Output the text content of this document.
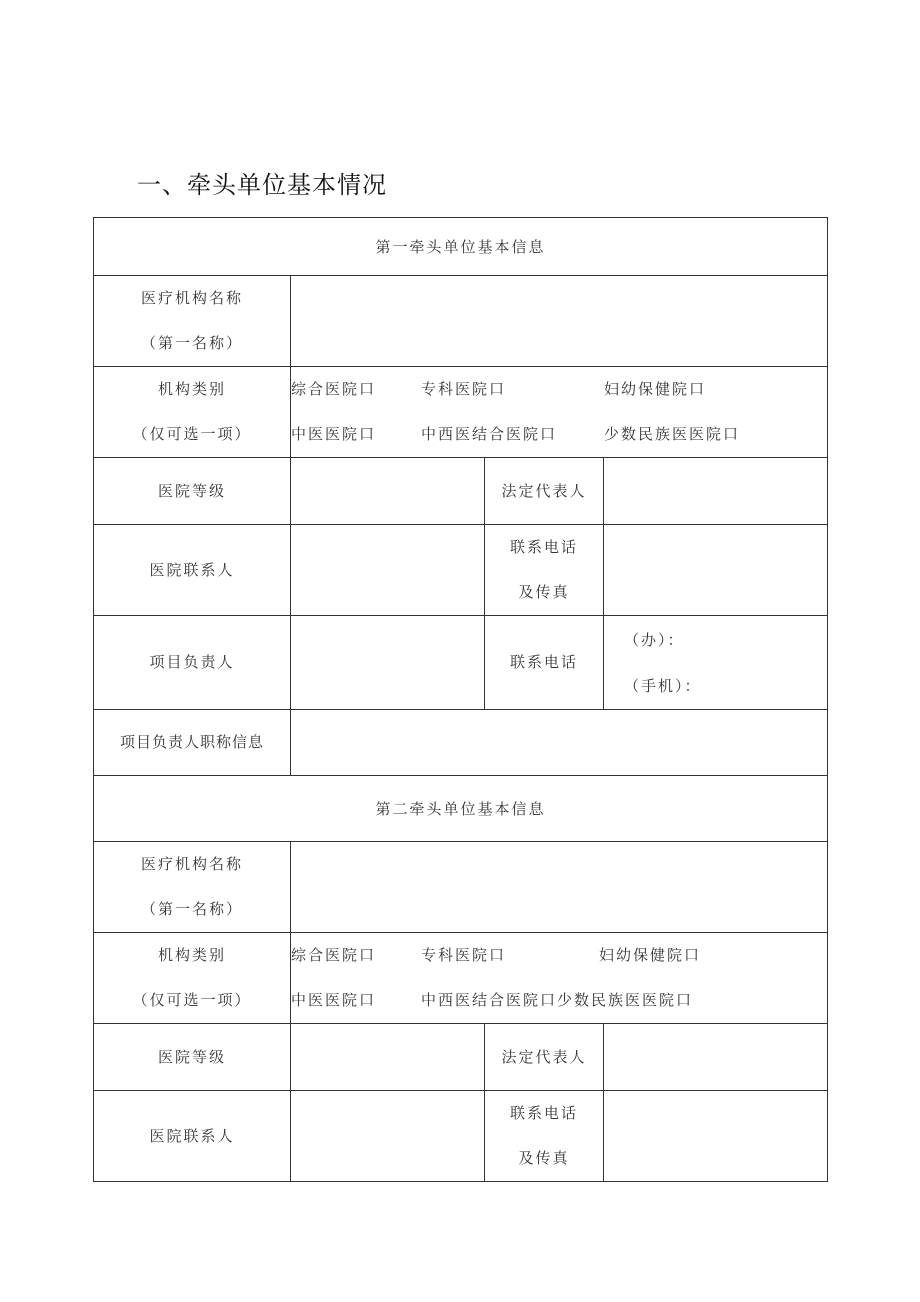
一、牵头单位基本情况
第一牵头单位基本信息			

医疗机构名称
（第一名称）			

机构类别
（仅可选一项）	综合医院口 专科医院口 妇幼保健院口
中医医院口 中西医结合医院口 少数民族医医院口		

医院等级		法定代表人	
医院联系人		联系电话
及传真	

项目负责人		联系电话	（办）：
（手机）：

项目负责人职称信息			
第二牵头单位基本信息			

医疗机构名称
（第一名称）			

机构类别
（仅可选一项）	综合医院口 专科医院口 妇幼保健院口
中医医院口 中西医结合医院口少数民族医医院口		

医院等级		法定代表人	
医院联系人		联系电话
及传真	
